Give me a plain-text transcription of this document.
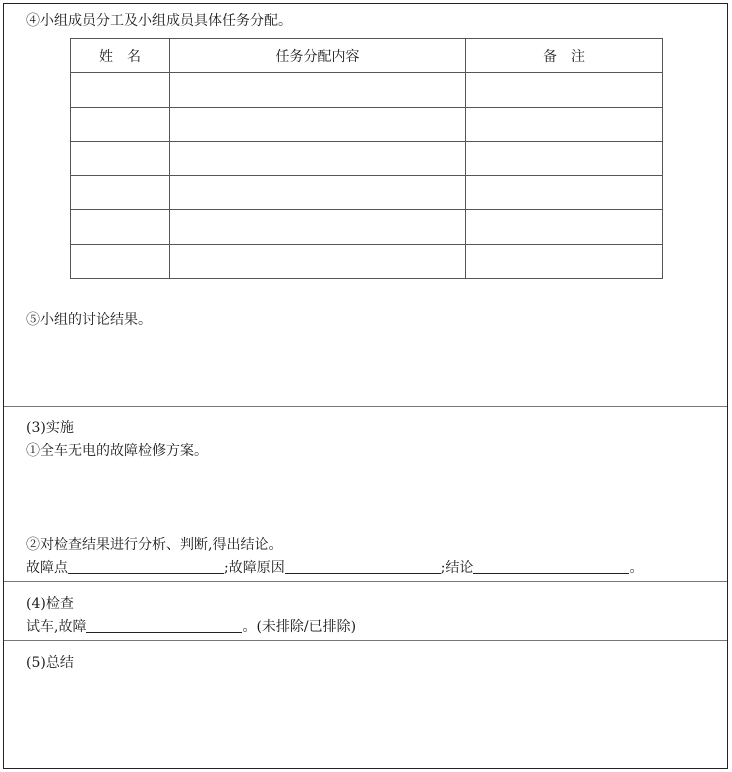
④小组成员分工及小组成员具体任务分配。
姓　名	任务分配内容	备　注

⑤小组的讨论结果。
(3)实施
①全车无电的故障检修方案。
②对检查结果进行分析、判断,得出结论。
故障点	;故障原因	;结论	。
(4)检查
试车,故障	。(未排除/已排除)
(5)总结
